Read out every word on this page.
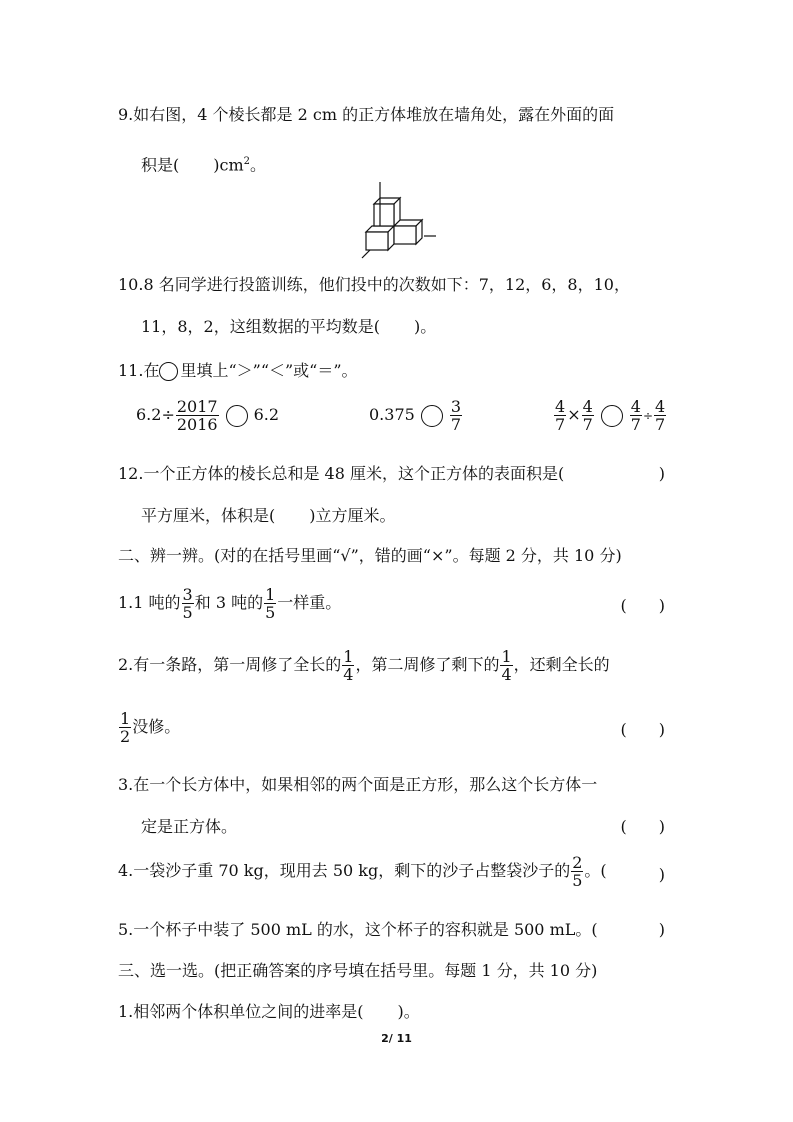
9.如右图，4 个棱长都是 2 cm 的正方体堆放在墙角处，露在外面的面
积是( )$cm^2$。
10.8 名同学进行投篮训练，他们投中的次数如下：7，12，6，8，10，
11，8，2，这组数据的平均数是( )。
11.在 里填上“＞”“＜”或“＝”。
$6.2\div \frac{2017}{2016} 6.2$	$0.375 \frac{3}{7}$	$\frac{4}{7} \times \frac{4}{7} \frac{4}{7} \div \frac{4}{7}$
12.一个正方体的棱长总和是 48 厘米，这个正方体的表面积是(	)
平方厘米，体积是( )立方厘米。
二、辨一辨。(对的在括号里画“√”，错的画“×”。每题 2 分，共 10 分)
1.1 吨的 $\frac{3}{5}$ 和 3 吨的 $\frac{1}{5}$ 一样重。	(　　)
2.有一条路，第一周修了全长的 $\frac{1}{4}$ ，第二周修了剩下的 $\frac{1}{4}$ ，还剩全长的
$\frac{1}{2}$ 没修。	(　　)
3.在一个长方体中，如果相邻的两个面是正方形，那么这个长方体一
定是正方体。	(　　)
4.一袋沙子重 70 kg，现用去 50 kg，剩下的沙子占整袋沙子的 $\frac{2}{5}$ 。(	)
5.一个杯子中装了 500 mL 的水，这个杯子的容积就是 500 mL。(	)
三、选一选。(把正确答案的序号填在括号里。每题 1 分，共 10 分)
1.相邻两个体积单位之间的进率是( )。
2/ 11
